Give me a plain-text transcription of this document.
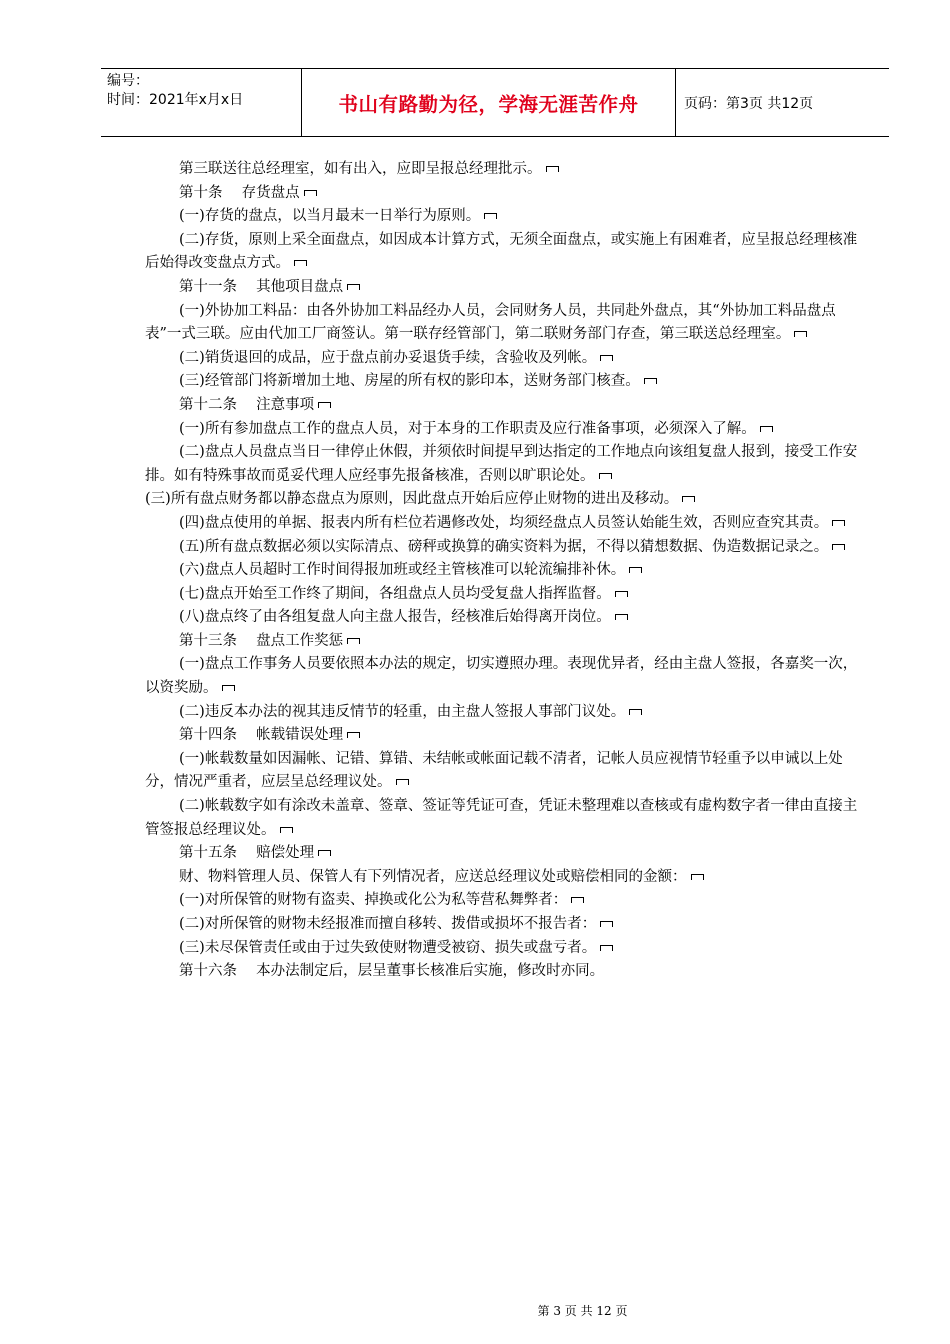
编号：
时间：2021年x月x日	书山有路勤为径，学海无涯苦作舟	页码：第3页 共12页

第三联送往总经理室，如有出入，应即呈报总经理批示。

第十条　 存货盘点

(一)存货的盘点，以当月最末一日举行为原则。

(二)存货，原则上采全面盘点，如因成本计算方式，无须全面盘点，或实施上有困难者，应呈报总经理核准后始得改变盘点方式。

第十一条　 其他项目盘点

(一)外协加工料品：由各外协加工料品经办人员，会同财务人员，共同赴外盘点，其“外协加工料品盘点表”一式三联。应由代加工厂商签认。第一联存经管部门，第二联财务部门存查，第三联送总经理室。

(二)销货退回的成品，应于盘点前办妥退货手续，含验收及列帐。

(三)经管部门将新增加土地、房屋的所有权的影印本，送财务部门核查。

第十二条　 注意事项

(一)所有参加盘点工作的盘点人员，对于本身的工作职责及应行准备事项，必须深入了解。

(二)盘点人员盘点当日一律停止休假，并须依时间提早到达指定的工作地点向该组复盘人报到，接受工作安排。如有特殊事故而觅妥代理人应经事先报备核准，否则以旷职论处。

(三)所有盘点财务都以静态盘点为原则，因此盘点开始后应停止财物的进出及移动。

(四)盘点使用的单据、报表内所有栏位若遇修改处，均须经盘点人员签认始能生效，否则应查究其责。

(五)所有盘点数据必须以实际清点、磅秤或换算的确实资料为据，不得以猜想数据、伪造数据记录之。

(六)盘点人员超时工作时间得报加班或经主管核准可以轮流编排补休。

(七)盘点开始至工作终了期间，各组盘点人员均受复盘人指挥监督。

(八)盘点终了由各组复盘人向主盘人报告，经核准后始得离开岗位。

第十三条　 盘点工作奖惩

(一)盘点工作事务人员要依照本办法的规定，切实遵照办理。表现优异者，经由主盘人签报，各嘉奖一次，以资奖励。

(二)违反本办法的视其违反情节的轻重，由主盘人签报人事部门议处。

第十四条　 帐载错误处理

(一)帐载数量如因漏帐、记错、算错、未结帐或帐面记载不清者，记帐人员应视情节轻重予以申诫以上处分，情况严重者，应层呈总经理议处。

(二)帐载数字如有涂改未盖章、签章、签证等凭证可查，凭证未整理难以查核或有虚构数字者一律由直接主管签报总经理议处。

第十五条　 赔偿处理

财、物料管理人员、保管人有下列情况者，应送总经理议处或赔偿相同的金额：

(一)对所保管的财物有盗卖、掉换或化公为私等营私舞弊者：

(二)对所保管的财物未经报准而擅自移转、拨借或损坏不报告者：

(三)未尽保管责任或由于过失致使财物遭受被窃、损失或盘亏者。

第十六条　 本办法制定后，层呈董事长核准后实施，修改时亦同。

第 3 页 共 12 页
